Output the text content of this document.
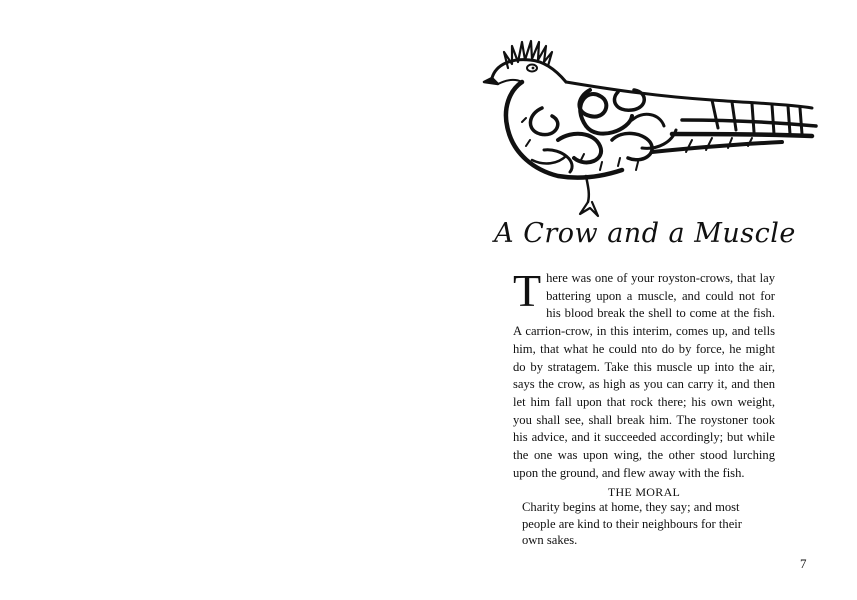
A Crow and a Muscle
There was one of your royston-crows, that lay battering upon a muscle, and could not for his blood break the shell to come at the fish. A carrion-crow, in this interim, comes up, and tells him, that what he could nto do by force, he might do by stratagem. Take this muscle up into the air, says the crow, as high as you can carry it, and then let him fall upon that rock there; his own weight, you shall see, shall break him. The roystoner took his advice, and it succeeded accordingly; but while the one was upon wing, the other stood lurching upon the ground, and flew away with the fish.
THE MORAL
Charity begins at home, they say; and most people are kind to their neighbours for their own sakes.
7
